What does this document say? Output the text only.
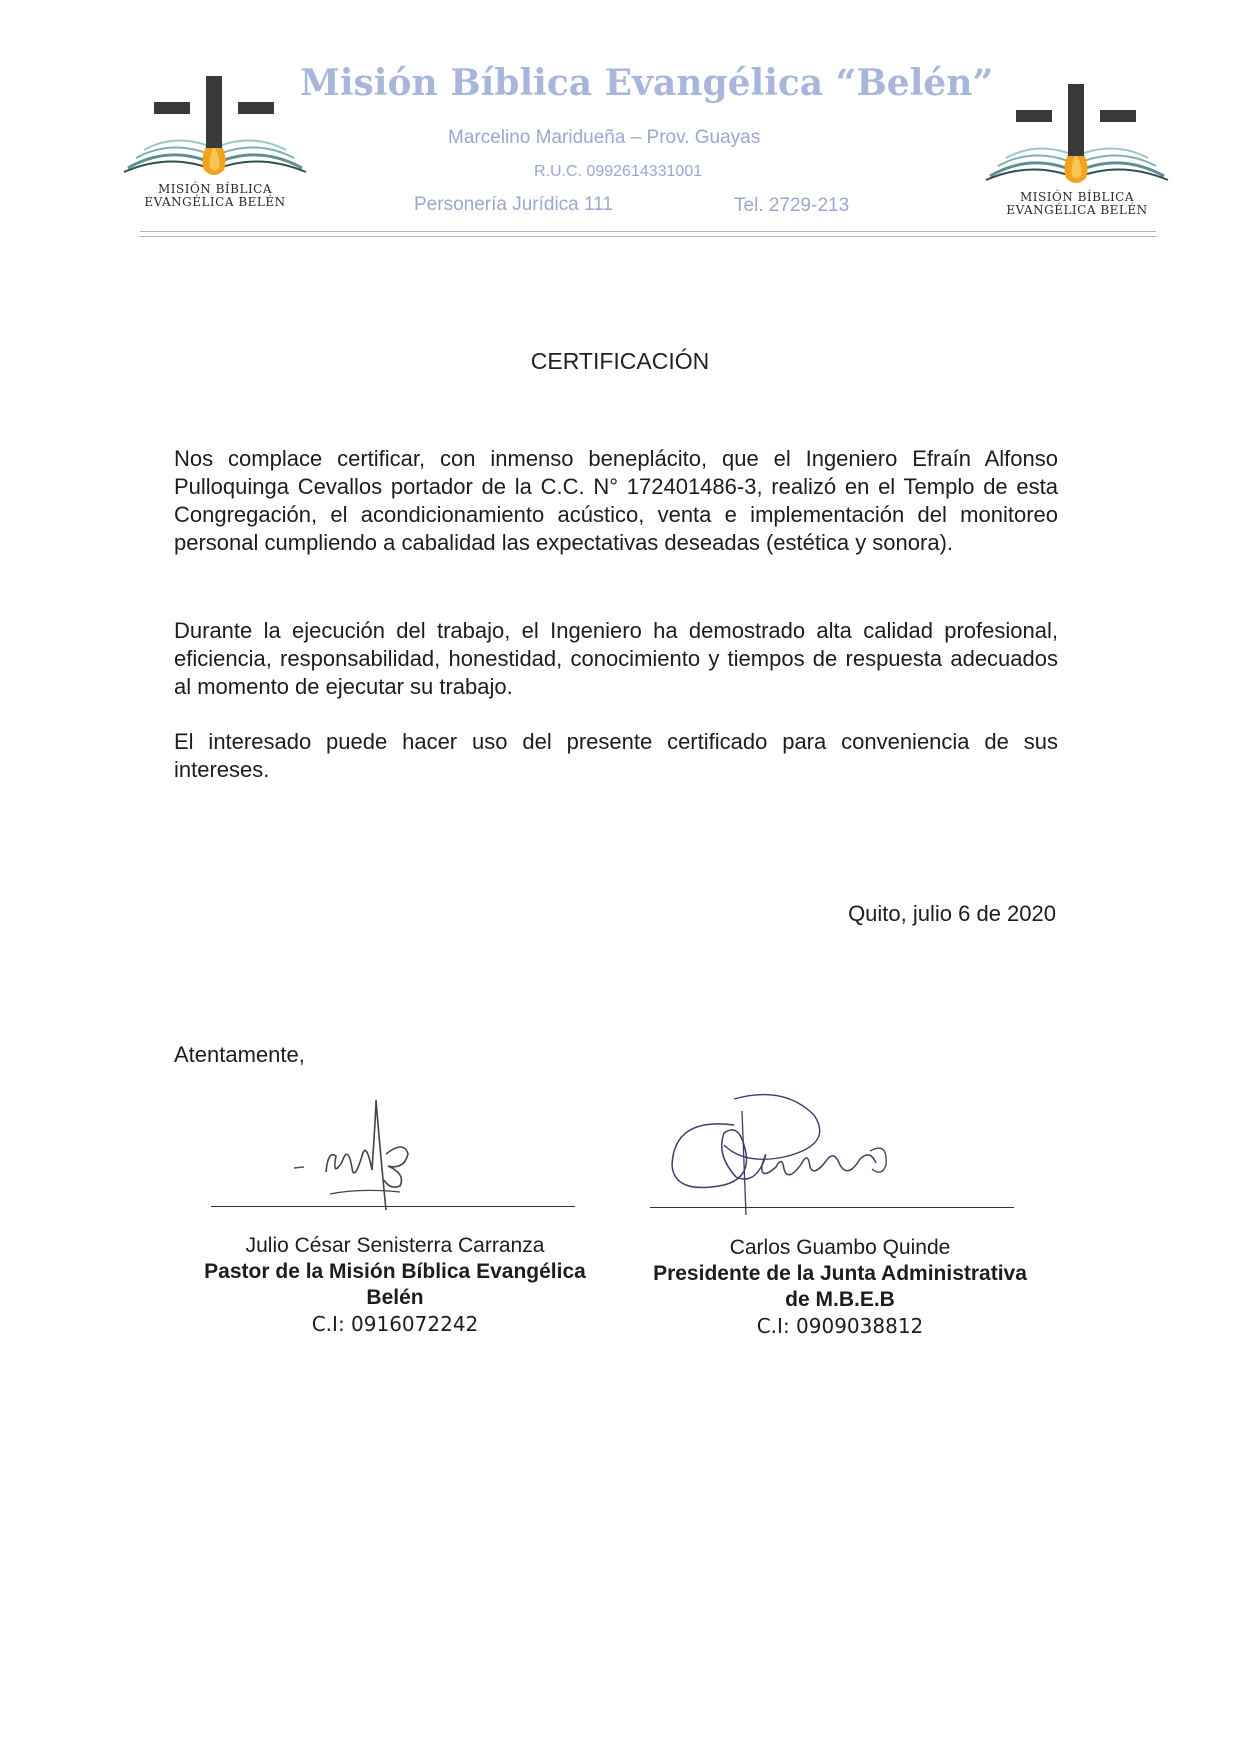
MISIÓN BÍBLICA
EVANGÉLICA BELÉN	MISIÓN BÍBLICA
EVANGÉLICA BELÉN
Misión Bíblica Evangélica “Belén”
Marcelino Maridueña – Prov. Guayas
R.U.C. 0992614331001
Personería Jurídica 111	Tel. 2729-213
CERTIFICACIÓN
Nos complace certificar, con inmenso beneplácito, que el Ingeniero Efraín Alfonso Pulloquinga Cevallos portador de la C.C. N° 172401486-3, realizó en el Templo de esta Congregación, el acondicionamiento acústico, venta e implementación del monitoreo personal cumpliendo a cabalidad las expectativas deseadas (estética y sonora).
Durante la ejecución del trabajo, el Ingeniero ha demostrado alta calidad profesional, eficiencia, responsabilidad, honestidad, conocimiento y tiempos de respuesta adecuados al momento de ejecutar su trabajo.
El interesado puede hacer uso del presente certificado para conveniencia de sus intereses.
Quito, julio 6 de 2020
Atentamente,
Julio César Senisterra Carranza
Pastor de la Misión Bíblica Evangélica
Belén
C.I: 0916072242
Carlos Guambo Quinde
Presidente de la Junta Administrativa
de M.B.E.B
C.I: 0909038812
